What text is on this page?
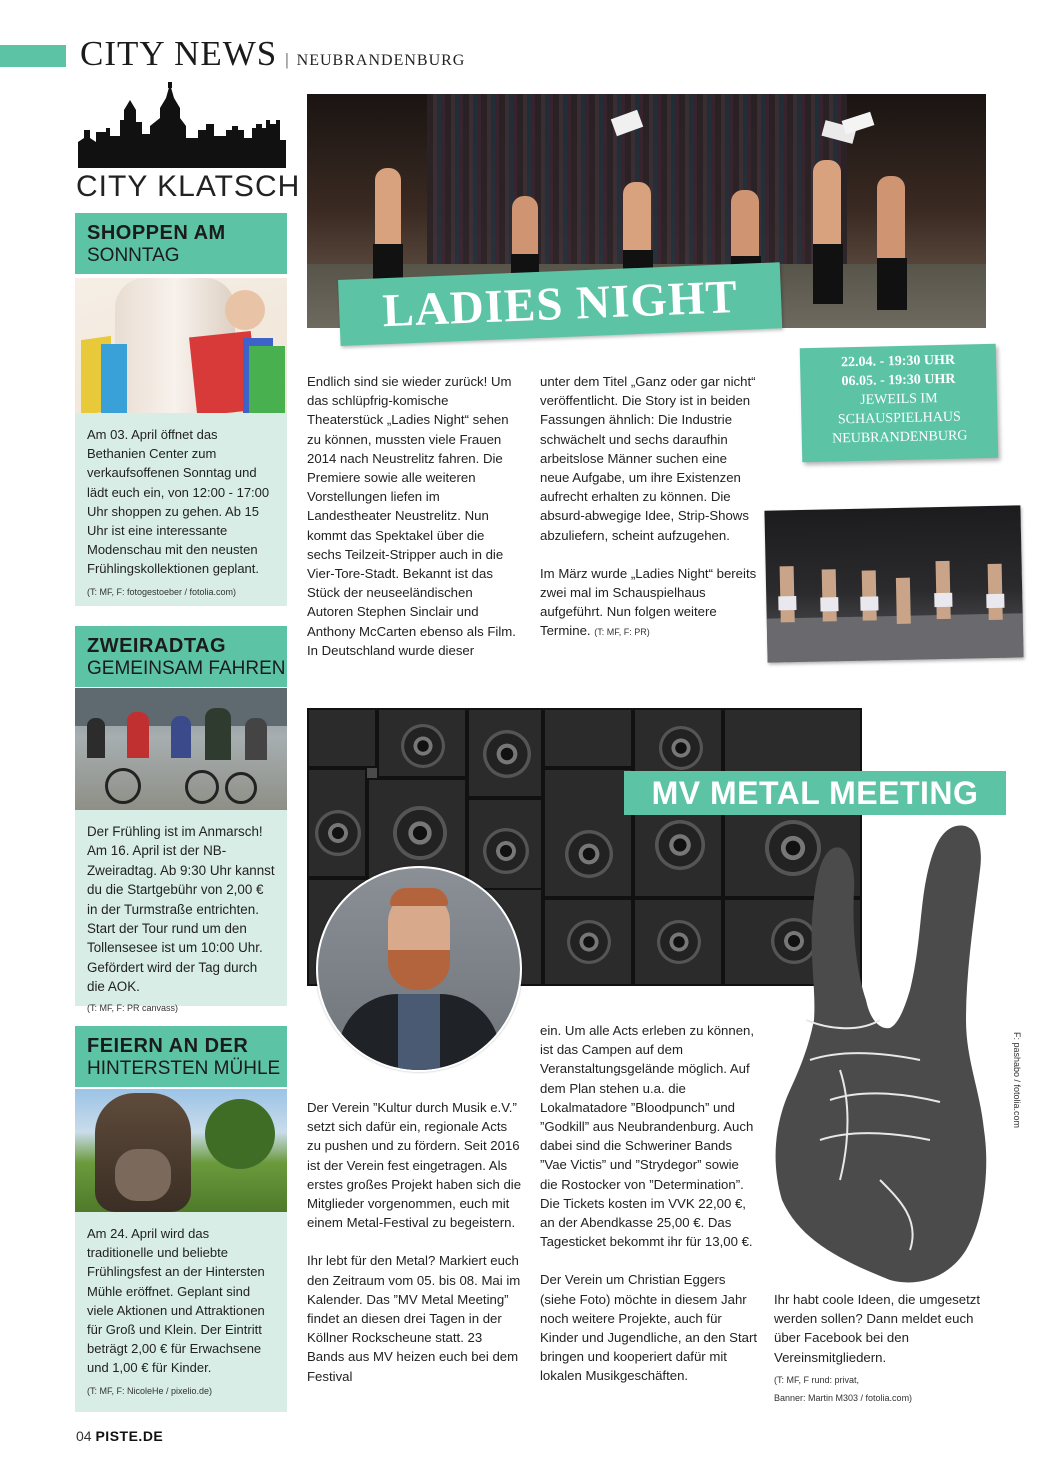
CITY NEWS | NEUBRANDENBURG
CITY KLATSCH
SHOPPEN AM
SONNTAG
Am 03. April öffnet das Bethanien Center zum verkaufsoffenen Sonntag und lädt euch ein, von 12:00 - 17:00 Uhr shoppen zu gehen. Ab 15 Uhr ist eine interessante Modenschau mit den neusten Frühlingskollektionen geplant.
(T: MF, F: fotogestoeber / fotolia.com)
ZWEIRADTAG
GEMEINSAM FAHREN
Der Frühling ist im Anmarsch! Am 16. April ist der NB-Zweiradtag. Ab 9:30 Uhr kannst du die Startgebühr von 2,00 € in der Turmstraße entrichten. Start der Tour rund um den Tollensesee ist um 10:00 Uhr. Gefördert wird der Tag durch die AOK.
(T: MF, F: PR canvass)
FEIERN AN DER
HINTERSTEN MÜHLE
Am 24. April wird das traditionelle und beliebte Frühlingsfest an der Hintersten Mühle eröffnet. Geplant sind viele Aktionen und Attraktionen für Groß und Klein. Der Eintritt beträgt 2,00 € für Erwachsene und 1,00 € für Kinder.
(T: MF, F: NicoleHe / pixelio.de)
LADIES NIGHT
Endlich sind sie wieder zurück! Um das schlüpfrig-komische Theaterstück „Ladies Night“ sehen zu können, mussten viele Frauen 2014 nach Neustrelitz fahren. Die Premiere sowie alle weiteren Vorstellungen liefen im Landestheater Neustrelitz. Nun kommt das Spektakel über die sechs Teilzeit-Stripper auch in die Vier-Tore-Stadt. Bekannt ist das Stück der neuseeländischen Autoren Stephen Sinclair und Anthony McCarten ebenso als Film. In Deutschland wurde dieser
unter dem Titel „Ganz oder gar nicht“ veröffentlicht. Die Story ist in beiden Fassungen ähnlich: Die Industrie schwächelt und sechs daraufhin arbeitslose Männer suchen eine neue Aufgabe, um ihre Existenzen aufrecht erhalten zu können. Die absurd-abwegige Idee, Strip-Shows abzuliefern, scheint aufzugehen.
Im März wurde „Ladies Night“ bereits zwei mal im Schauspielhaus aufgeführt. Nun folgen weitere Termine. (T: MF, F: PR)
22.04. - 19:30 UHR
06.05. - 19:30 UHR
JEWEILS IM
SCHAUSPIELHAUS
NEUBRANDENBURG
MV METAL MEETING
F: pashabo / fotolia.com
Der Verein ”Kultur durch Musik e.V.” setzt sich dafür ein, regionale Acts zu pushen und zu fördern. Seit 2016 ist der Verein fest eingetragen. Als erstes großes Projekt haben sich die Mitglieder vorgenommen, euch mit einem Metal-Festival zu begeistern.
Ihr lebt für den Metal? Markiert euch den Zeitraum vom 05. bis 08. Mai im Kalender. Das ”MV Metal Meeting” findet an diesen drei Tagen in der Köllner Rockscheune statt. 23 Bands aus MV heizen euch bei dem Festival
ein. Um alle Acts erleben zu können, ist das Campen auf dem Veranstaltungsgelände möglich. Auf dem Plan stehen u.a. die Lokalmatadore ”Bloodpunch” und ”Godkill” aus Neubrandenburg. Auch dabei sind die Schweriner Bands ”Vae Victis” und ”Strydegor” sowie die Rostocker von ”Determination”. Die Tickets kosten im VVK 22,00 €, an der Abendkasse 25,00 €. Das Tagesticket bekommt ihr für 13,00 €.
Der Verein um Christian Eggers (siehe Foto) möchte in diesem Jahr noch weitere Projekte, auch für Kinder und Jugendliche, an den Start bringen und kooperiert dafür mit lokalen Musikgeschäften.
Ihr habt coole Ideen, die umgesetzt werden sollen? Dann meldet euch über Facebook bei den Vereinsmitgliedern.
(T: MF, F rund: privat,
Banner: Martin M303 / fotolia.com)
04 PISTE.DE
